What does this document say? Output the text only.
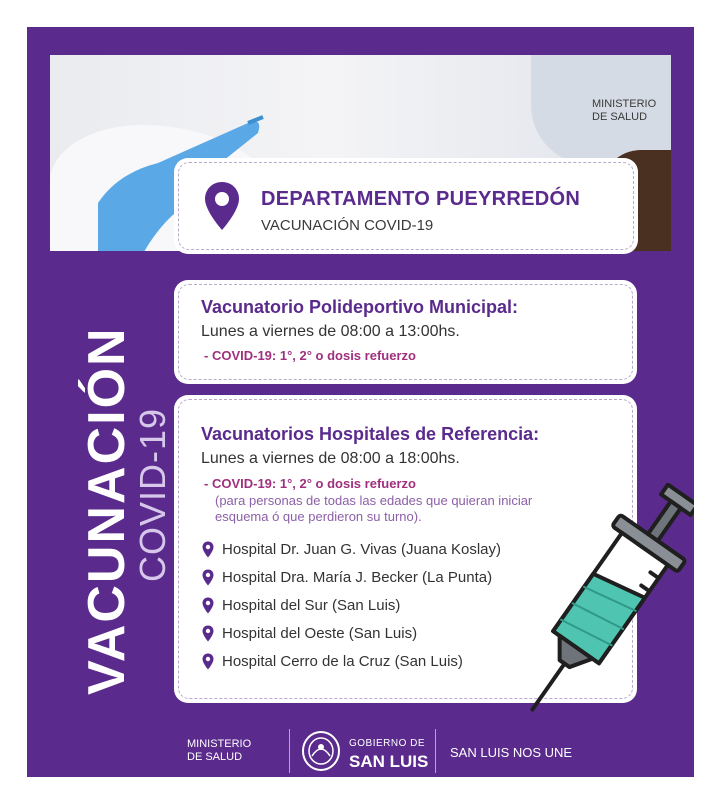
MINISTERIO
DE SALUD
DEPARTAMENTO PUEYRREDÓN
VACUNACIÓN COVID-19
Vacunatorio Polideportivo Municipal:
Lunes a viernes de 08:00 a 13:00hs.
- COVID-19: 1°, 2° o dosis refuerzo
Vacunatorios Hospitales de Referencia:
Lunes a viernes de 08:00 a 18:00hs.
- COVID-19: 1°, 2° o dosis refuerzo
(para personas de todas las edades que quieran iniciar
esquema ó que perdieron su turno).
Hospital Dr. Juan G. Vivas (Juana Koslay)
Hospital Dra. María J. Becker (La Punta)
Hospital del Sur (San Luis)
Hospital del Oeste (San Luis)
Hospital Cerro de la Cruz (San Luis)
VACUNACIÓN
COVID-19
MINISTERIO
DE SALUD
GOBIERNO DE
SAN LUIS SAN LUIS NOS UNE
